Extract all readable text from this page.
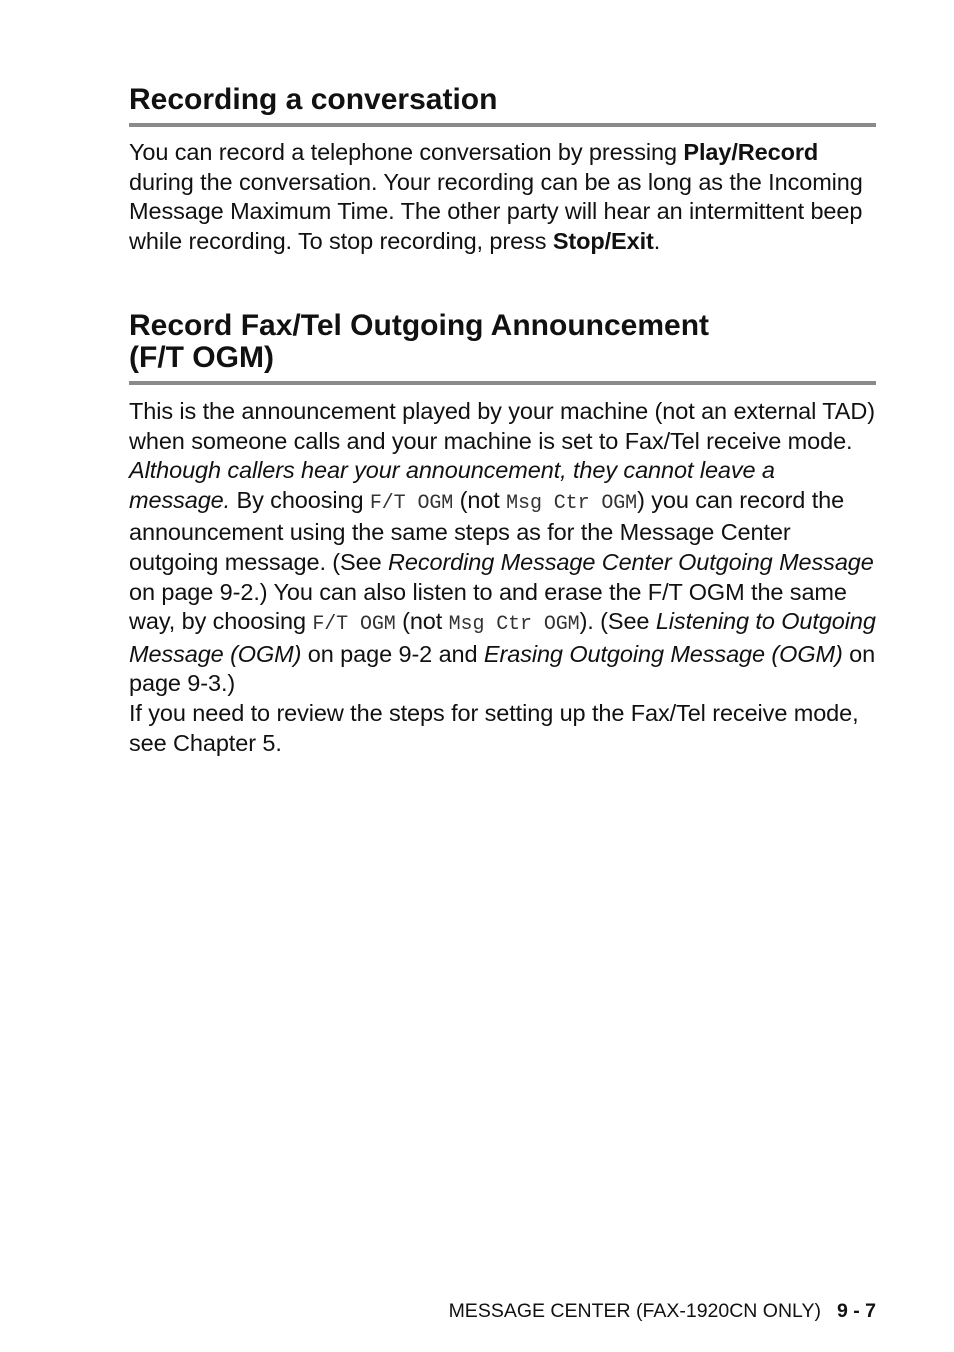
Recording a conversation

You can record a telephone conversation by pressing Play/Record during the conversation. Your recording can be as long as the Incoming Message Maximum Time. The other party will hear an intermittent beep while recording. To stop recording, press Stop/Exit.

Record Fax/Tel Outgoing Announcement
(F/T OGM)

This is the announcement played by your machine (not an external TAD) when someone calls and your machine is set to Fax/Tel receive mode. Although callers hear your announcement, they cannot leave a message. By choosing F/T OGM (not Msg Ctr OGM) you can record the announcement using the same steps as for the Message Center outgoing message. (See Recording Message Center Outgoing Message on page 9-2.) You can also listen to and erase the F/T OGM the same way, by choosing F/T OGM (not Msg Ctr OGM). (See Listening to Outgoing Message (OGM) on page 9-2 and Erasing Outgoing Message (OGM) on page 9-3.)

If you need to review the steps for setting up the Fax/Tel receive mode, see Chapter 5.

MESSAGE CENTER (FAX-1920CN ONLY) 9 - 7
